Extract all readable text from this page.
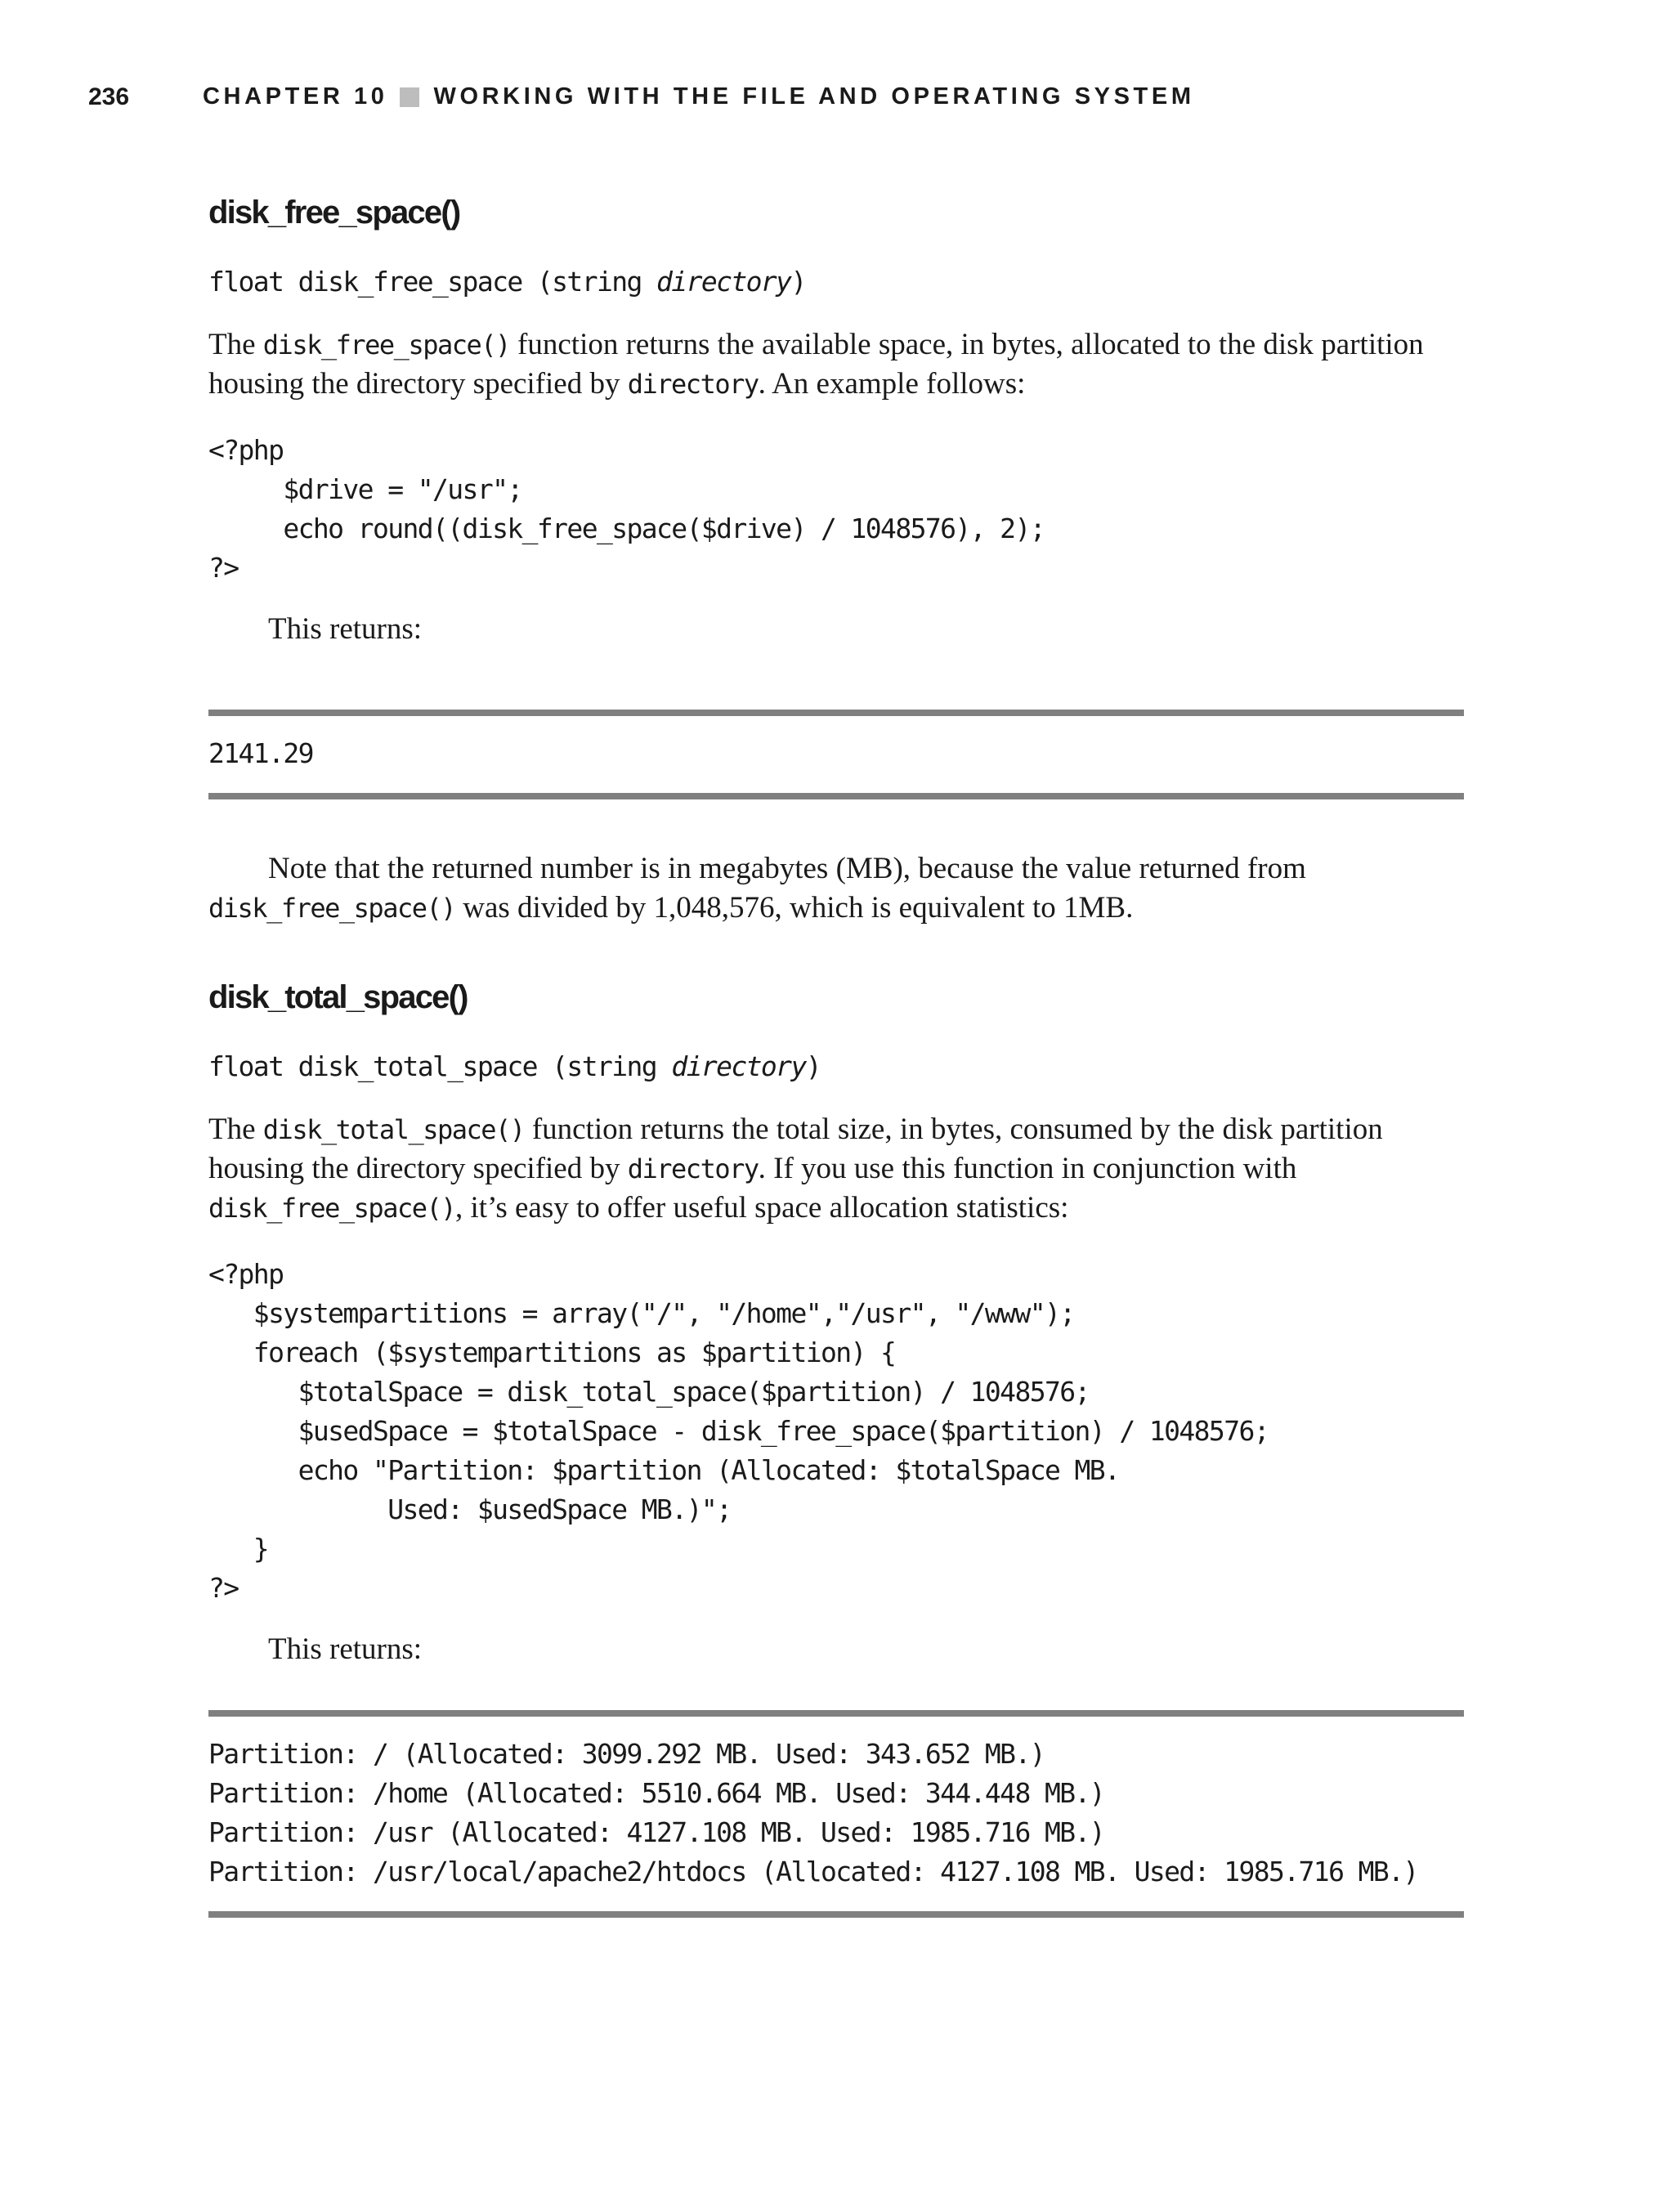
236	CHAPTER 10 WORKING WITH THE FILE AND OPERATING SYSTEM
disk_free_space()
float disk_free_space (string directory)

The disk_free_space() function returns the available space, in bytes, allocated to the disk partition housing the directory specified by directory. An example follows:

<?php
$drive = "/usr";
echo round((disk_free_space($drive) / 1048576), 2);
?>
This returns:
2141.29

Note that the returned number is in megabytes (MB), because the value returned from disk_free_space() was divided by 1,048,576, which is equivalent to 1MB.

disk_total_space()
float disk_total_space (string directory)

The disk_total_space() function returns the total size, in bytes, consumed by the disk partition housing the directory specified by directory. If you use this function in conjunction with disk_free_space(), it’s easy to offer useful space allocation statistics:

<?php
$systempartitions = array("/", "/home","/usr", "/www");
foreach ($systempartitions as $partition) {
$totalSpace = disk_total_space($partition) / 1048576;
$usedSpace = $totalSpace - disk_free_space($partition) / 1048576;
echo "Partition: $partition (Allocated: $totalSpace MB.
Used: $usedSpace MB.)";
}
?>
This returns:
Partition: / (Allocated: 3099.292 MB. Used: 343.652 MB.)
Partition: /home (Allocated: 5510.664 MB. Used: 344.448 MB.)
Partition: /usr (Allocated: 4127.108 MB. Used: 1985.716 MB.)
Partition: /usr/local/apache2/htdocs (Allocated: 4127.108 MB. Used: 1985.716 MB.)
